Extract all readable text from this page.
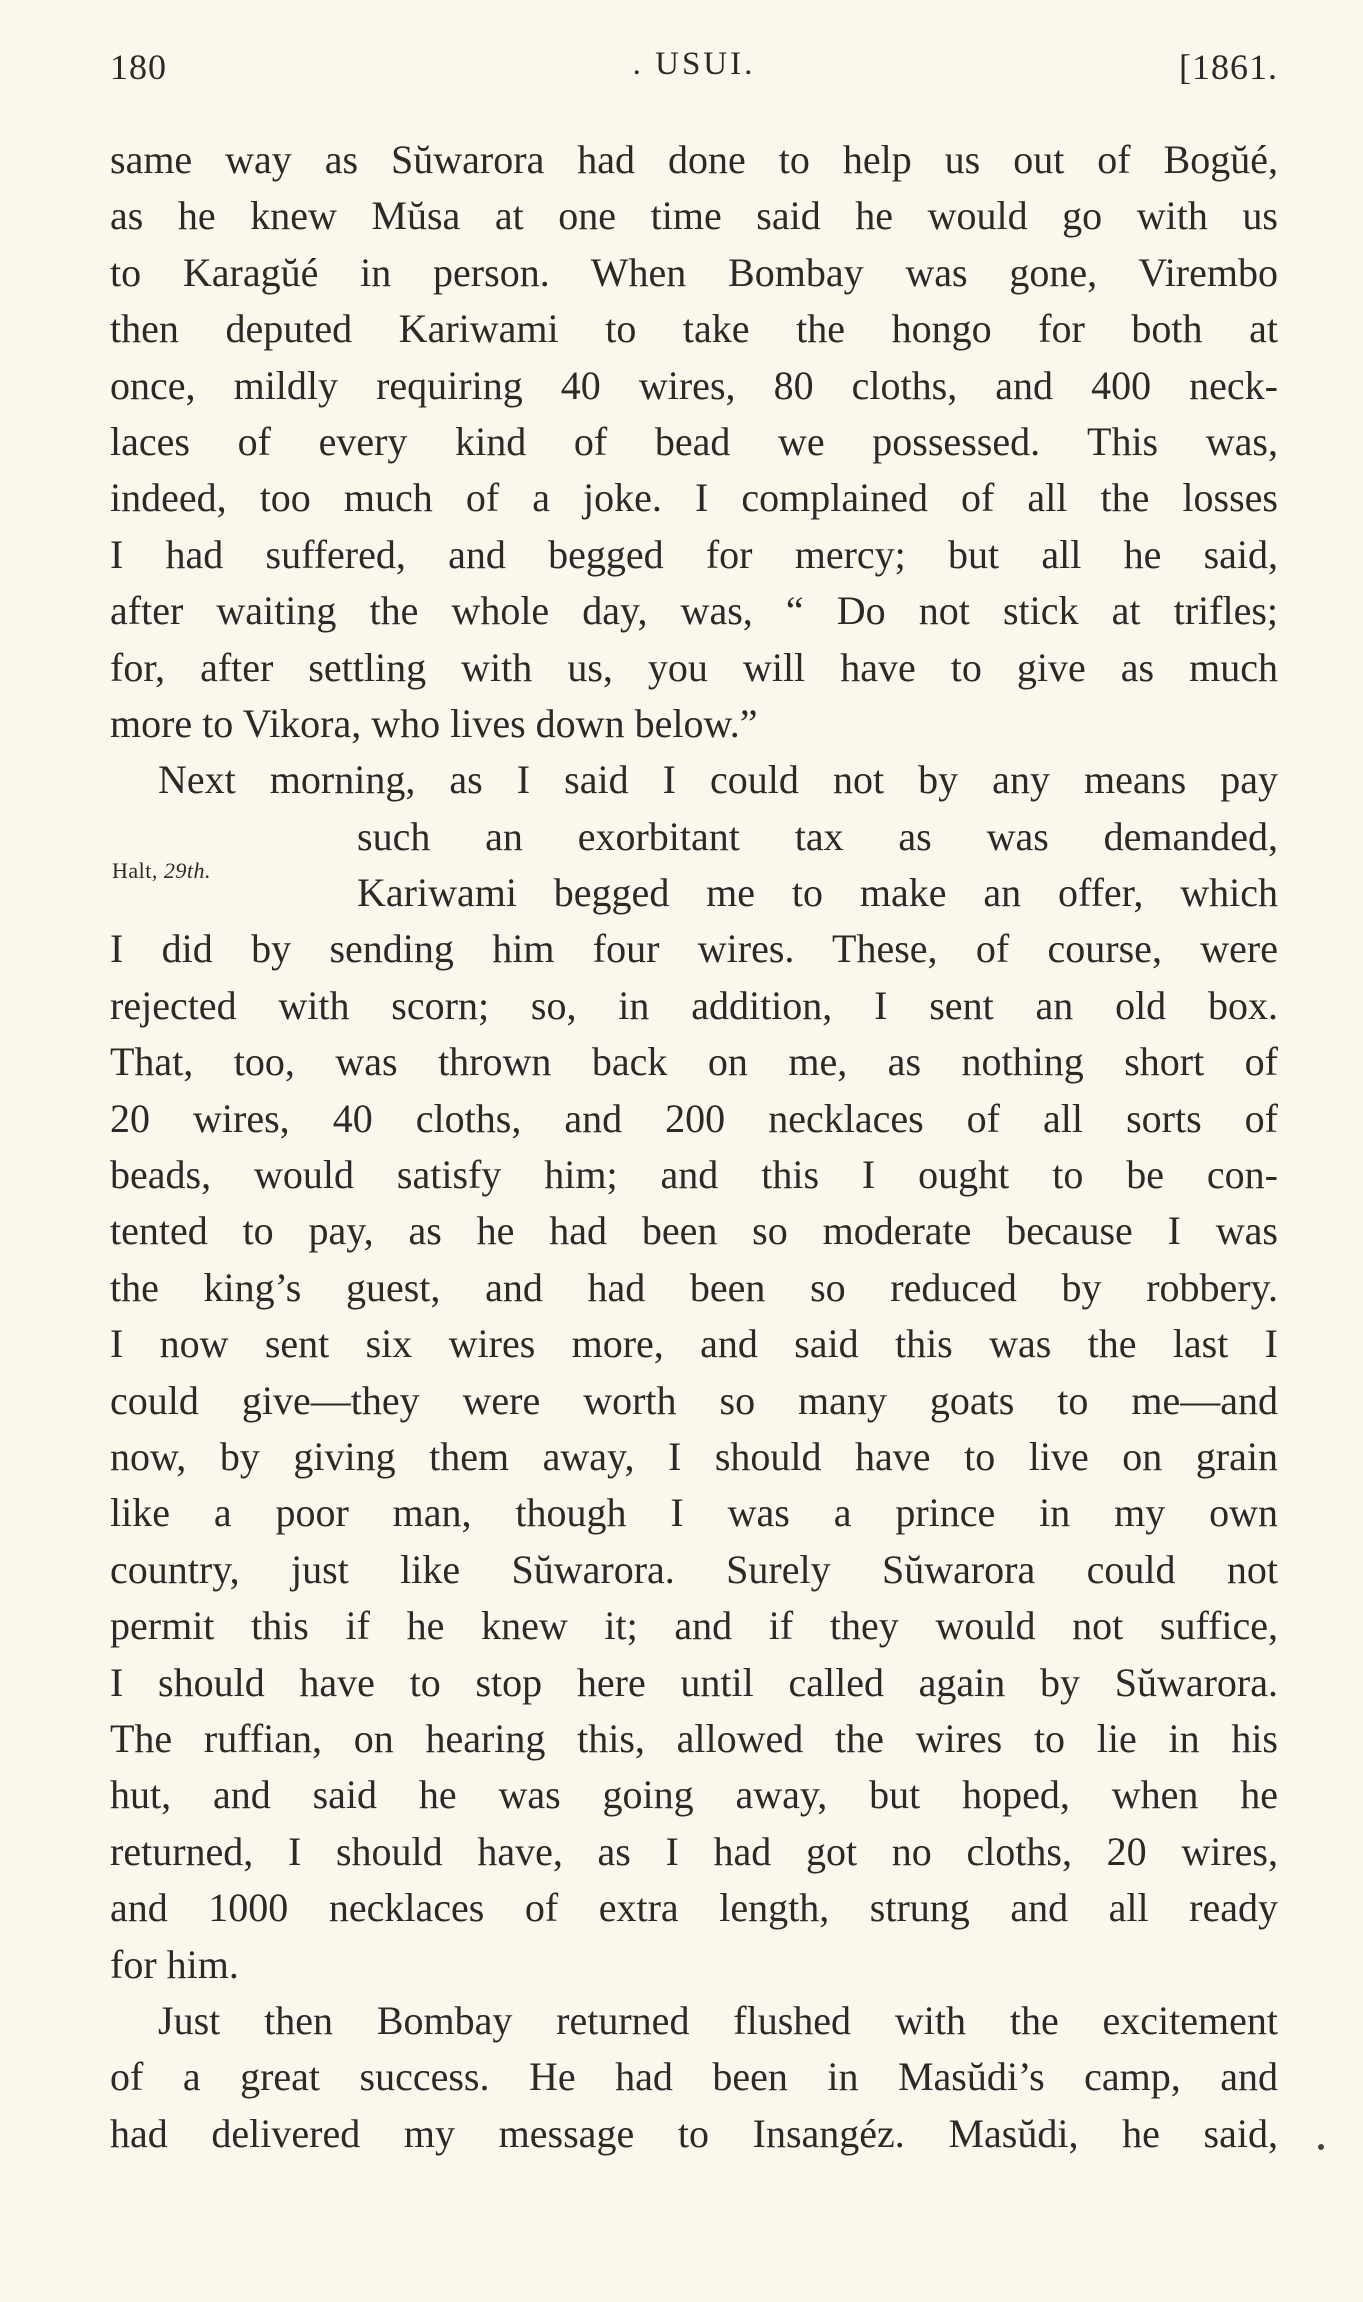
180	. USUI.	[1861.
Halt, 29th.
same way as Sŭwarora had done to help us out of Bogŭé,
as he knew Mŭsa at one time said he would go with us
to Karagŭé in person. When Bombay was gone, Virembo
then deputed Kariwami to take the hongo for both at
once, mildly requiring 40 wires, 80 cloths, and 400 neck-
laces of every kind of bead we possessed. This was,
indeed, too much of a joke. I complained of all the losses
I had suffered, and begged for mercy; but all he said,
after waiting the whole day, was, “ Do not stick at trifles;
for, after settling with us, you will have to give as much
more to Vikora, who lives down below.”
Next morning, as I said I could not by any means pay
such an exorbitant tax as was demanded,
Kariwami begged me to make an offer, which
I did by sending him four wires. These, of course, were
rejected with scorn; so, in addition, I sent an old box.
That, too, was thrown back on me, as nothing short of
20 wires, 40 cloths, and 200 necklaces of all sorts of
beads, would satisfy him; and this I ought to be con-
tented to pay, as he had been so moderate because I was
the king’s guest, and had been so reduced by robbery.
I now sent six wires more, and said this was the last I
could give—they were worth so many goats to me—and
now, by giving them away, I should have to live on grain
like a poor man, though I was a prince in my own
country, just like Sŭwarora. Surely Sŭwarora could not
permit this if he knew it; and if they would not suffice,
I should have to stop here until called again by Sŭwarora.
The ruffian, on hearing this, allowed the wires to lie in his
hut, and said he was going away, but hoped, when he
returned, I should have, as I had got no cloths, 20 wires,
and 1000 necklaces of extra length, strung and all ready
for him.
Just then Bombay returned flushed with the excitement
of a great success. He had been in Masŭdi’s camp, and
had delivered my message to Insangéz. Masŭdi, he said,
